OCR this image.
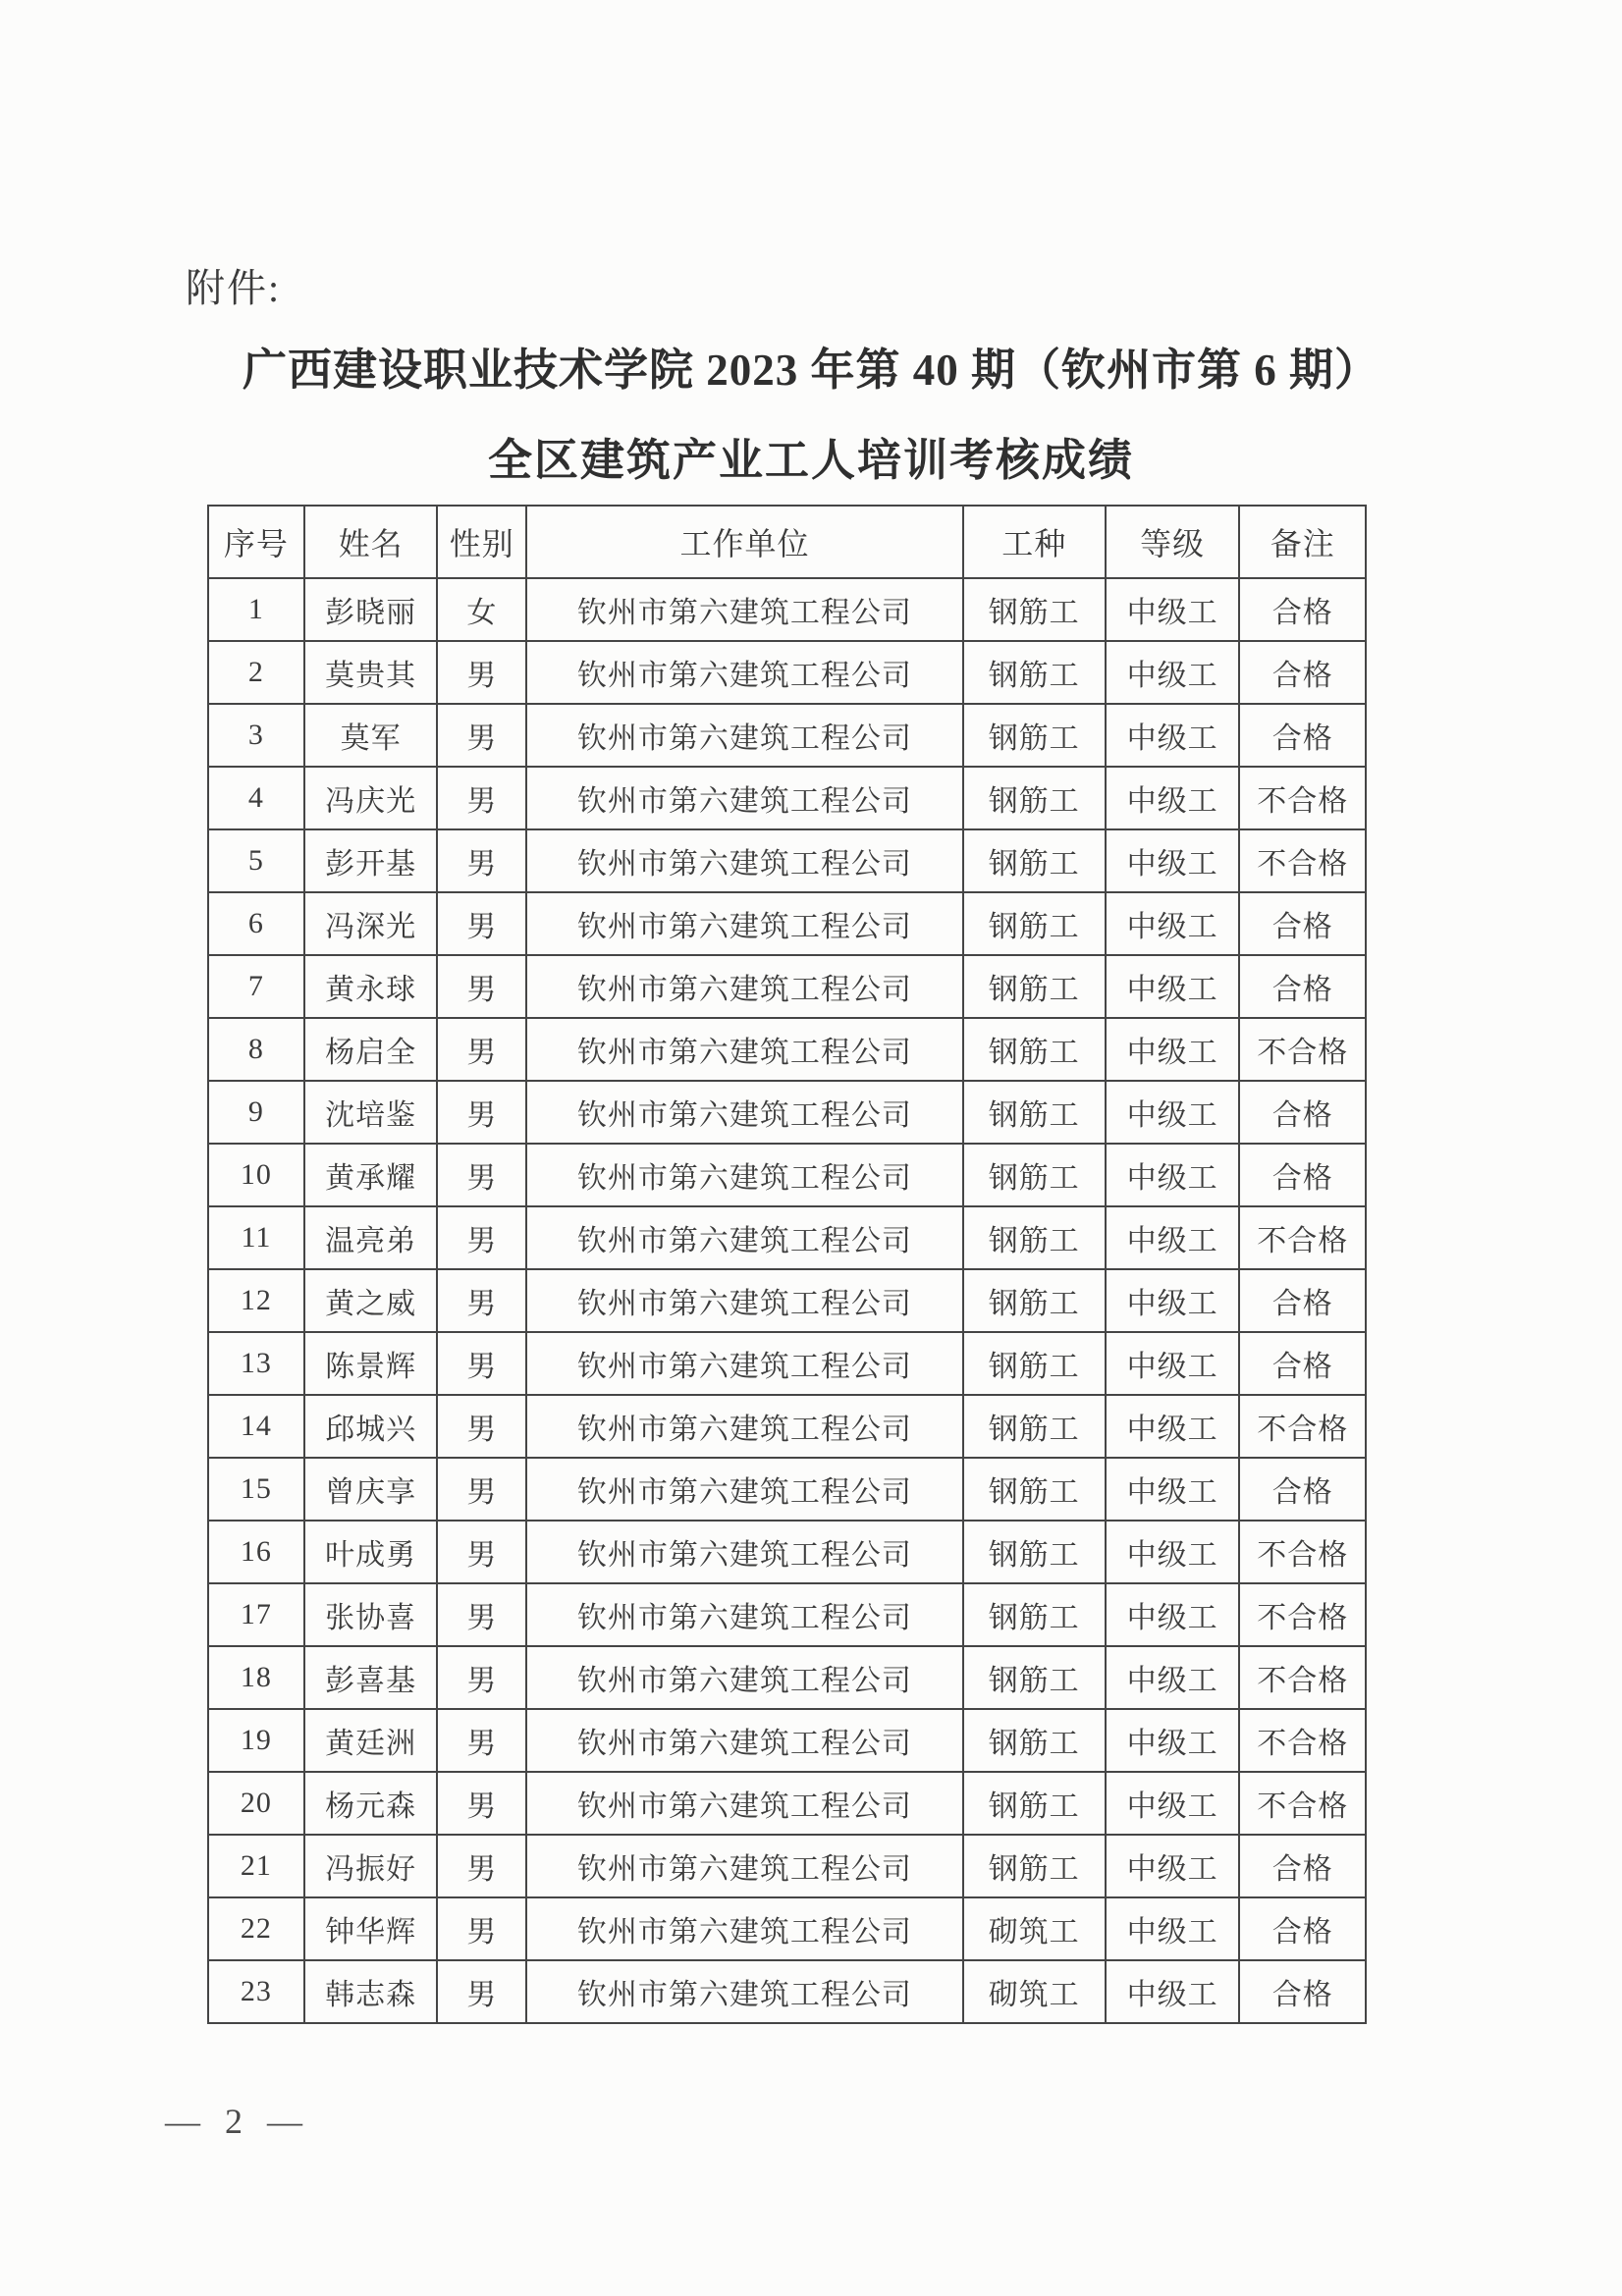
附件:
广西建设职业技术学院 2023 年第 40 期（钦州市第 6 期）
全区建筑产业工人培训考核成绩
序号	姓名	性别	工作单位	工种	等级	备注
1	彭晓丽	女	钦州市第六建筑工程公司	钢筋工	中级工	合格
2	莫贵其	男	钦州市第六建筑工程公司	钢筋工	中级工	合格
3	莫军	男	钦州市第六建筑工程公司	钢筋工	中级工	合格
4	冯庆光	男	钦州市第六建筑工程公司	钢筋工	中级工	不合格
5	彭开基	男	钦州市第六建筑工程公司	钢筋工	中级工	不合格
6	冯深光	男	钦州市第六建筑工程公司	钢筋工	中级工	合格
7	黄永球	男	钦州市第六建筑工程公司	钢筋工	中级工	合格
8	杨启全	男	钦州市第六建筑工程公司	钢筋工	中级工	不合格
9	沈培鉴	男	钦州市第六建筑工程公司	钢筋工	中级工	合格
10	黄承耀	男	钦州市第六建筑工程公司	钢筋工	中级工	合格
11	温亮弟	男	钦州市第六建筑工程公司	钢筋工	中级工	不合格
12	黄之威	男	钦州市第六建筑工程公司	钢筋工	中级工	合格
13	陈景辉	男	钦州市第六建筑工程公司	钢筋工	中级工	合格
14	邱城兴	男	钦州市第六建筑工程公司	钢筋工	中级工	不合格
15	曾庆享	男	钦州市第六建筑工程公司	钢筋工	中级工	合格
16	叶成勇	男	钦州市第六建筑工程公司	钢筋工	中级工	不合格
17	张协喜	男	钦州市第六建筑工程公司	钢筋工	中级工	不合格
18	彭喜基	男	钦州市第六建筑工程公司	钢筋工	中级工	不合格
19	黄廷洲	男	钦州市第六建筑工程公司	钢筋工	中级工	不合格
20	杨元森	男	钦州市第六建筑工程公司	钢筋工	中级工	不合格
21	冯振好	男	钦州市第六建筑工程公司	钢筋工	中级工	合格
22	钟华辉	男	钦州市第六建筑工程公司	砌筑工	中级工	合格
23	韩志森	男	钦州市第六建筑工程公司	砌筑工	中级工	合格
— 2 —
